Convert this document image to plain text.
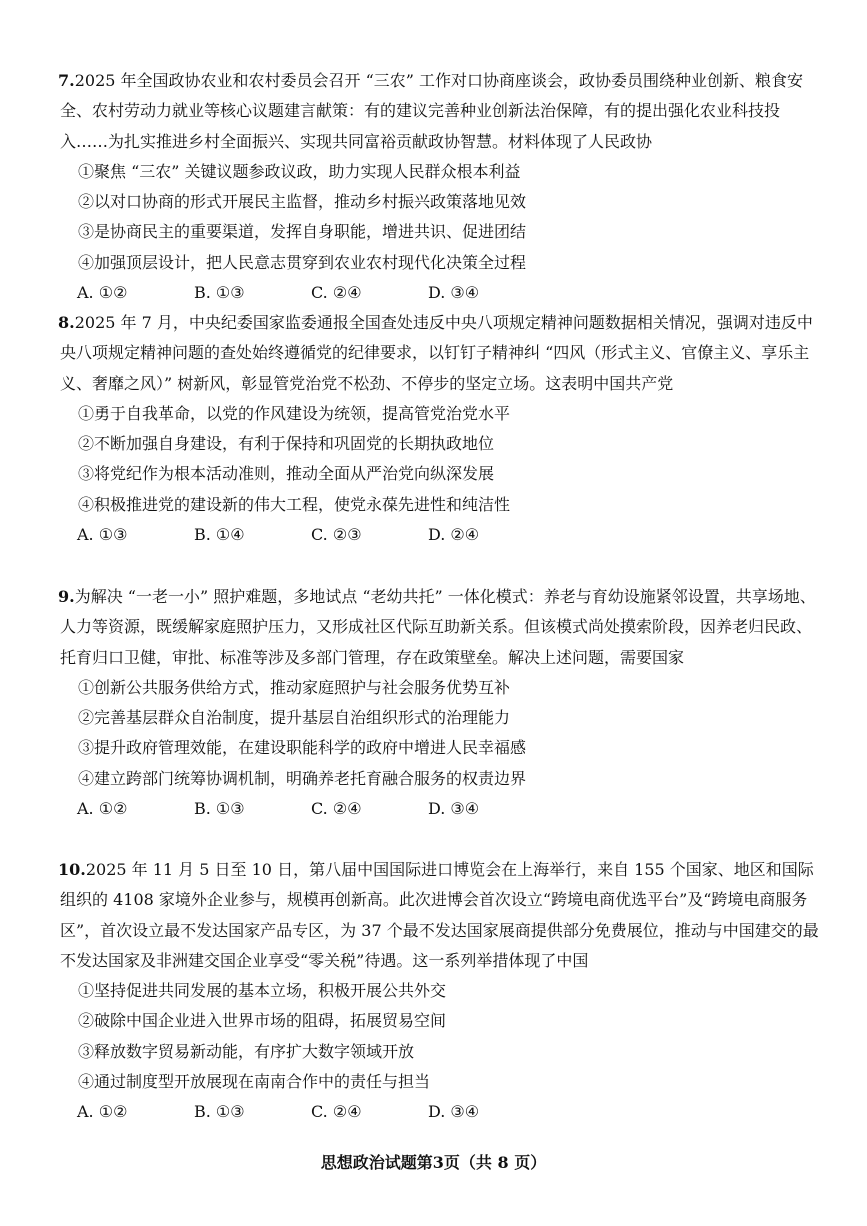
7.2025 年全国政协农业和农村委员会召开 “三农” 工作对口协商座谈会，政协委员围绕种业创新、粮食安全、农村劳动力就业等核心议题建言献策：有的建议完善种业创新法治保障，有的提出强化农业科技投入……为扎实推进乡村全面振兴、实现共同富裕贡献政协智慧。材料体现了人民政协

①聚焦 “三农” 关键议题参政议政，助力实现人民群众根本利益
②以对口协商的形式开展民主监督，推动乡村振兴政策落地见效
③是协商民主的重要渠道，发挥自身职能，增进共识、促进团结
④加强顶层设计，把人民意志贯穿到农业农村现代化决策全过程
A. ①②	B. ①③	C. ②④	D. ③④

8.2025 年 7 月，中央纪委国家监委通报全国查处违反中央八项规定精神问题数据相关情况，强调对违反中央八项规定精神问题的查处始终遵循党的纪律要求，以钉钉子精神纠 “四风（形式主义、官僚主义、享乐主义、奢靡之风）” 树新风，彰显管党治党不松劲、不停步的坚定立场。这表明中国共产党

①勇于自我革命，以党的作风建设为统领，提高管党治党水平
②不断加强自身建设，有利于保持和巩固党的长期执政地位
③将党纪作为根本活动准则，推动全面从严治党向纵深发展
④积极推进党的建设新的伟大工程，使党永葆先进性和纯洁性
A. ①③	B. ①④	C. ②③	D. ②④

9.为解决 “一老一小” 照护难题，多地试点 “老幼共托” 一体化模式：养老与育幼设施紧邻设置，共享场地、人力等资源，既缓解家庭照护压力，又形成社区代际互助新关系。但该模式尚处摸索阶段，因养老归民政、托育归口卫健，审批、标准等涉及多部门管理，存在政策壁垒。解决上述问题，需要国家

①创新公共服务供给方式，推动家庭照护与社会服务优势互补
②完善基层群众自治制度，提升基层自治组织形式的治理能力
③提升政府管理效能，在建设职能科学的政府中增进人民幸福感
④建立跨部门统筹协调机制，明确养老托育融合服务的权责边界
A. ①②	B. ①③	C. ②④	D. ③④

10.2025 年 11 月 5 日至 10 日，第八届中国国际进口博览会在上海举行，来自 155 个国家、地区和国际组织的 4108 家境外企业参与，规模再创新高。此次进博会首次设立“跨境电商优选平台”及“跨境电商服务区”，首次设立最不发达国家产品专区，为 37 个最不发达国家展商提供部分免费展位，推动与中国建交的最不发达国家及非洲建交国企业享受“零关税”待遇。这一系列举措体现了中国

①坚持促进共同发展的基本立场，积极开展公共外交
②破除中国企业进入世界市场的阻碍，拓展贸易空间
③释放数字贸易新动能，有序扩大数字领域开放
④通过制度型开放展现在南南合作中的责任与担当
A. ①②	B. ①③	C. ②④	D. ③④
思想政治试题第3页（共 8 页）
